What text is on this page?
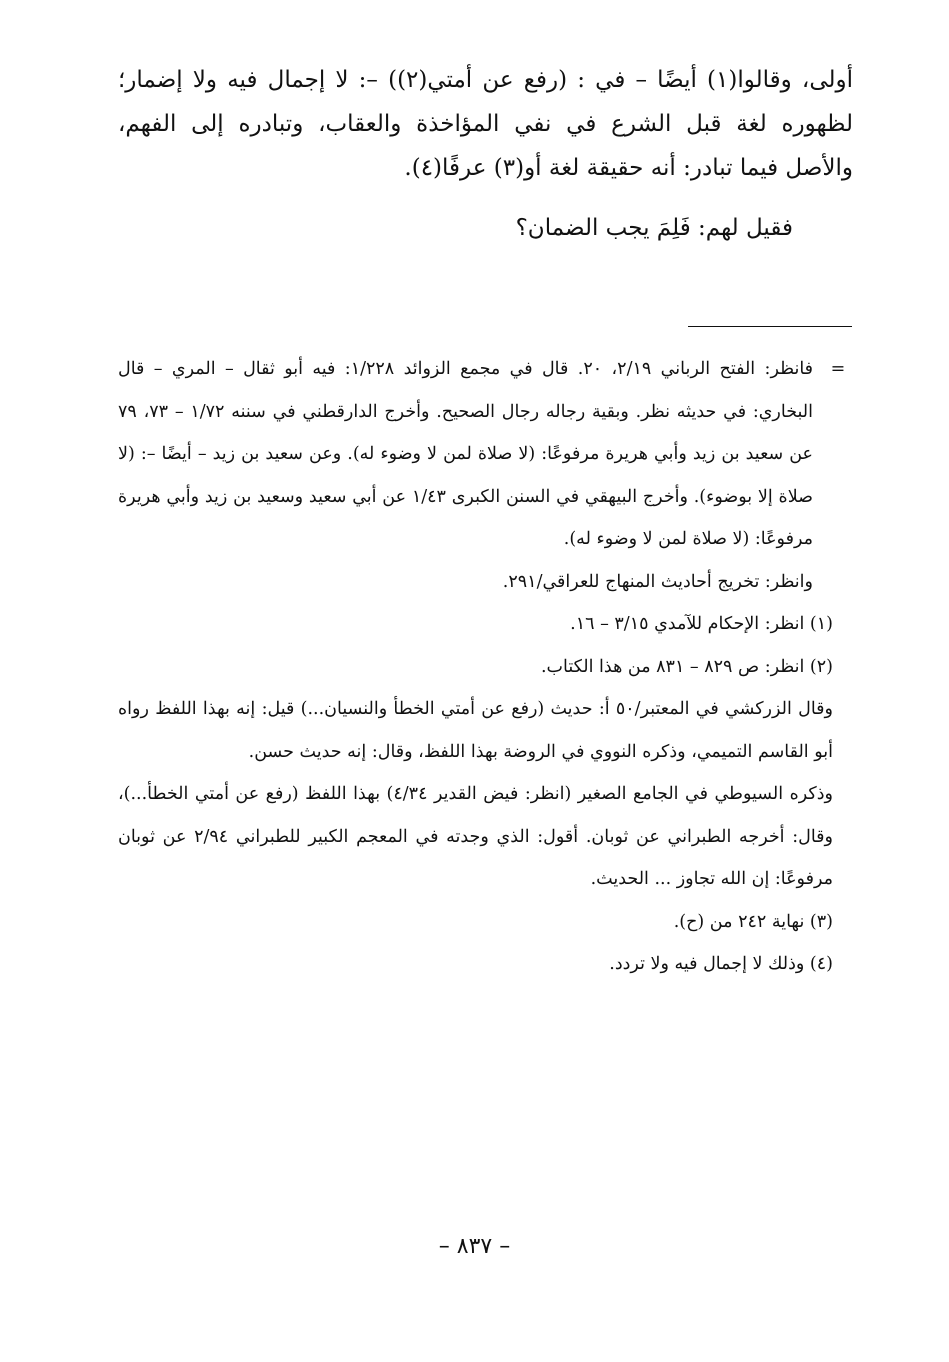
أولى، وقالوا(١) أيضًا – في : (رفع عن أمتي(٢)) –: لا إجمال فيه ولا إضمار؛ لظهوره لغة قبل الشرع في نفي المؤاخذة والعقاب، وتبادره إلى الفهم، والأصل فيما تبادر: أنه حقيقة لغة أو(٣) عرفًا(٤).

فقيل لهم: فَلِمَ يجب الضمان؟

=
فانظر: الفتح الرباني ٢/١٩، ٢٠. قال في مجمع الزوائد ١/٢٢٨: فيه أبو ثقال – المري – قال البخاري: في حديثه نظر. وبقية رجاله رجال الصحيح. وأخرج الدارقطني في سننه ١/٧٢ – ٧٣، ٧٩ عن سعيد بن زيد وأبي هريرة مرفوعًا: (لا صلاة لمن لا وضوء له). وعن سعيد بن زيد – أيضًا –: (لا صلاة إلا بوضوء). وأخرج البيهقي في السنن الكبرى ١/٤٣ عن أبي سعيد وسعيد بن زيد وأبي هريرة مرفوعًا: (لا صلاة لمن لا وضوء له).

وانظر: تخريج أحاديث المنهاج للعراقي/٢٩١.

(١) انظر: الإحكام للآمدي ٣/١٥ – ١٦.

(٢) انظر: ص ٨٢٩ – ٨٣١ من هذا الكتاب.

وقال الزركشي في المعتبر/٥٠ أ: حديث (رفع عن أمتي الخطأ والنسيان...) قيل: إنه بهذا اللفظ رواه أبو القاسم التميمي، وذكره النووي في الروضة بهذا اللفظ، وقال: إنه حديث حسن.

وذكره السيوطي في الجامع الصغير (انظر: فيض القدير ٤/٣٤) بهذا اللفظ (رفع عن أمتي الخطأ...)، وقال: أخرجه الطبراني عن ثوبان. أقول: الذي وجدته في المعجم الكبير للطبراني ٢/٩٤ عن ثوبان مرفوعًا: إن الله تجاوز ... الحديث.

(٣) نهاية ٢٤٢ من (ح).

(٤) وذلك لا إجمال فيه ولا تردد.

– ٨٣٧ –
